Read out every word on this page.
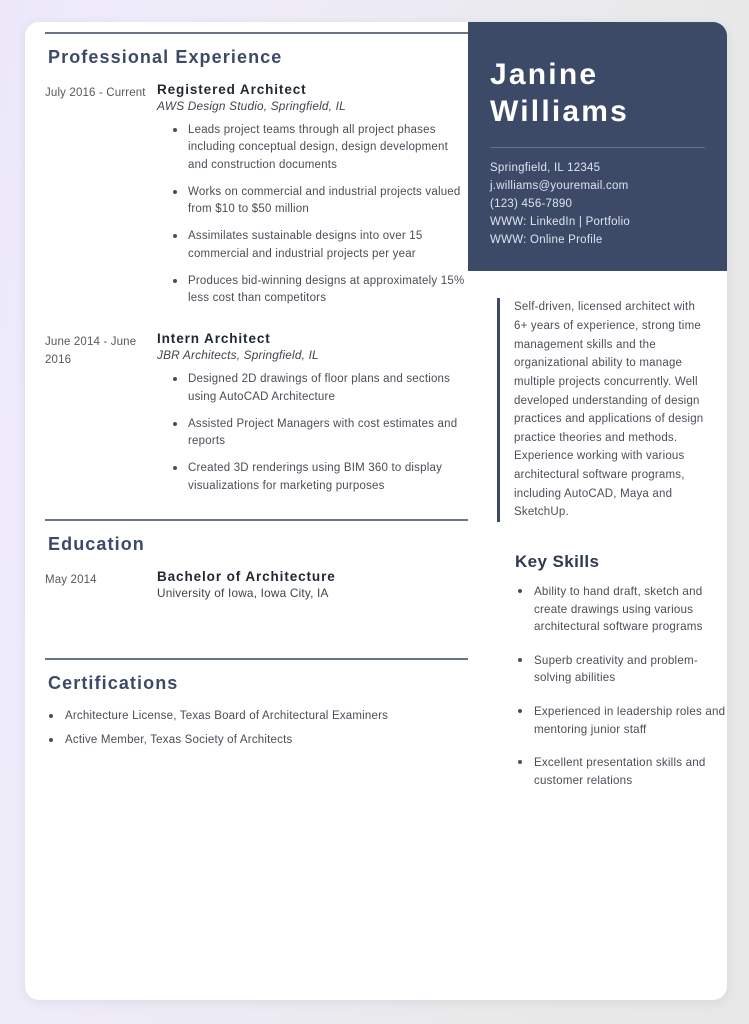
Professional Experience
July 2016 - Current Registered Architect
AWS Design Studio, Springfield, IL
Leads project teams through all project phases including conceptual design, design development and construction documents
Works on commercial and industrial projects valued from $10 to $50 million
Assimilates sustainable designs into over 15 commercial and industrial projects per year
Produces bid-winning designs at approximately 15% less cost than competitors
June 2014 - June 2016
Intern Architect
JBR Architects, Springfield, IL
Designed 2D drawings of floor plans and sections using AutoCAD Architecture
Assisted Project Managers with cost estimates and reports
Created 3D renderings using BIM 360 to display visualizations for marketing purposes
Education
May 2014	Bachelor of Architecture
University of Iowa, Iowa City, IA
Certifications
Architecture License, Texas Board of Architectural Examiners
Active Member, Texas Society of Architects
Janine
Williams
Springfield, IL 12345
j.williams@youremail.com
(123) 456-7890
WWW: LinkedIn | Portfolio
WWW: Online Profile
Self-driven, licensed architect with 6+ years of experience, strong time management skills and the organizational ability to manage multiple projects concurrently. Well developed understanding of design practices and applications of design practice theories and methods. Experience working with various architectural software programs, including AutoCAD, Maya and SketchUp.
Key Skills
Ability to hand draft, sketch and create drawings using various architectural software programs
Superb creativity and problem-solving abilities
Experienced in leadership roles and mentoring junior staff
Excellent presentation skills and customer relations
